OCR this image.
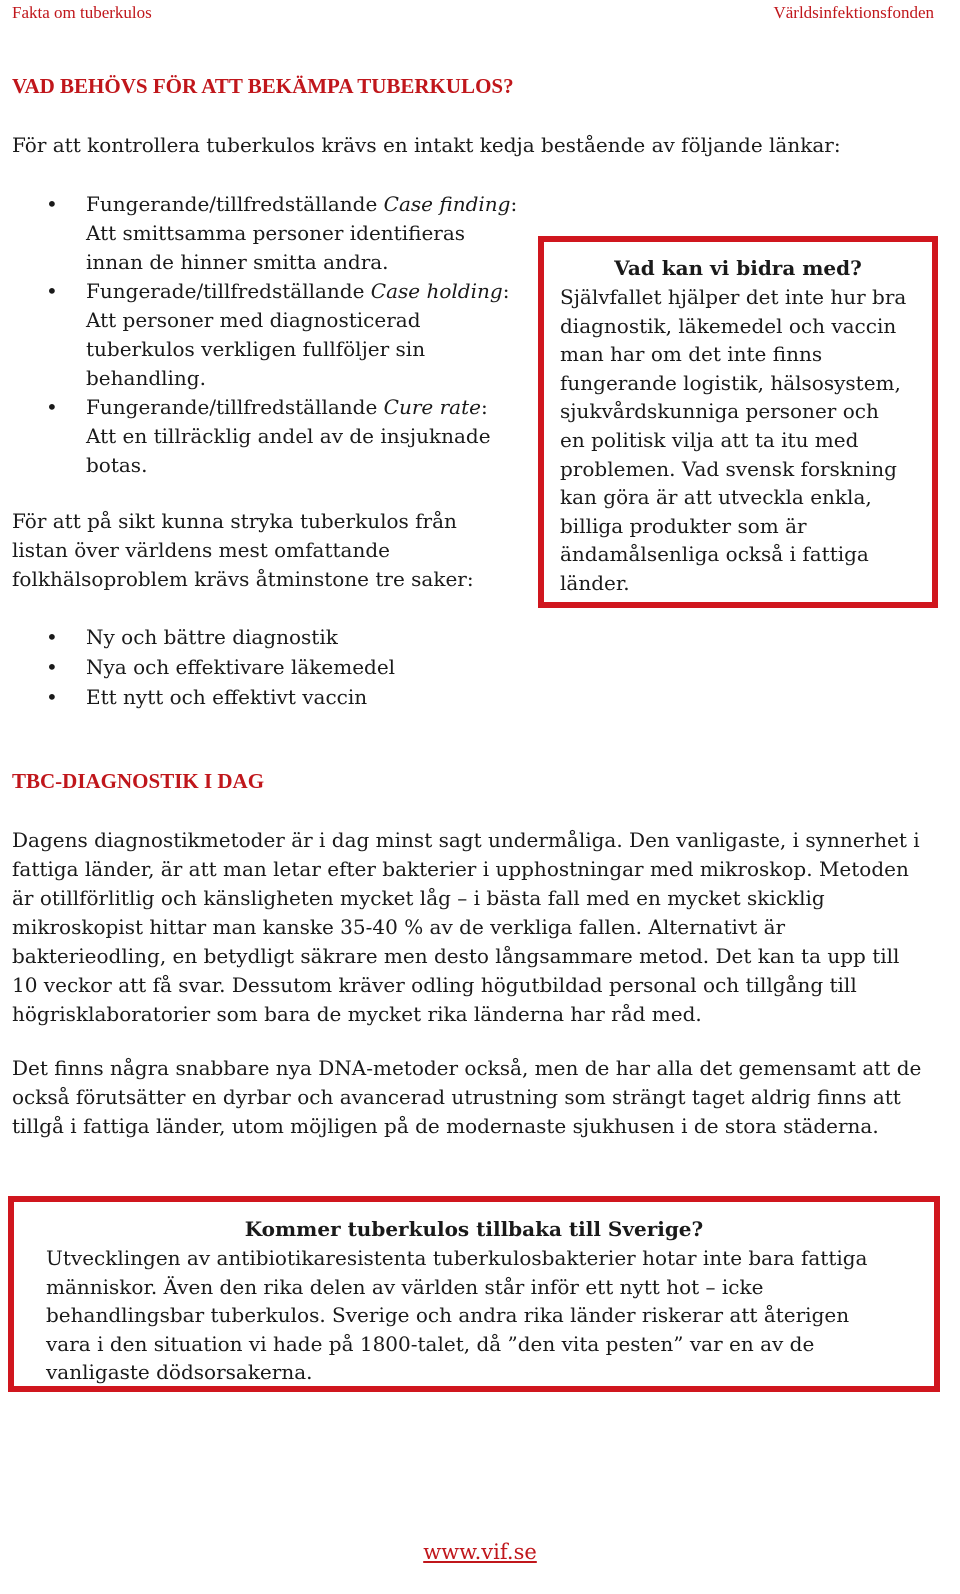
Fakta om tuberkulos	Världsinfektionsfonden
VAD BEHÖVS FÖR ATT BEKÄMPA TUBERKULOS?

För att kontrollera tuberkulos krävs en intakt kedja bestående av följande länkar:

• Fungerande/tillfredställande Case finding:
Att smittsamma personer identifieras
innan de hinner smitta andra.
• Fungerade/tillfredställande Case holding:
Att personer med diagnosticerad
tuberkulos verkligen fullföljer sin
behandling.
• Fungerande/tillfredställande Cure rate:
Att en tillräcklig andel av de insjuknade
botas.

För att på sikt kunna stryka tuberkulos från

listan över världens mest omfattande

folkhälsoproblem krävs åtminstone tre saker:

• Ny och bättre diagnostik
• Nya och effektivare läkemedel
• Ett nytt och effektivt vaccin
Vad kan vi bidra med?
Självfallet hjälper det inte hur bra
diagnostik, läkemedel och vaccin
man har om det inte finns
fungerande logistik, hälsosystem,
sjukvårdskunniga personer och
en politisk vilja att ta itu med
problemen. Vad svensk forskning
kan göra är att utveckla enkla,
billiga produkter som är
ändamålsenliga också i fattiga
länder.
TBC-DIAGNOSTIK I DAG

Dagens diagnostikmetoder är i dag minst sagt undermåliga. Den vanligaste, i synnerhet i

fattiga länder, är att man letar efter bakterier i upphostningar med mikroskop. Metoden

är otillförlitlig och känsligheten mycket låg – i bästa fall med en mycket skicklig

mikroskopist hittar man kanske 35-40 % av de verkliga fallen. Alternativt är

bakterieodling, en betydligt säkrare men desto långsammare metod. Det kan ta upp till

10 veckor att få svar. Dessutom kräver odling högutbildad personal och tillgång till

högrisklaboratorier som bara de mycket rika länderna har råd med.

Det finns några snabbare nya DNA-metoder också, men de har alla det gemensamt att de

också förutsätter en dyrbar och avancerad utrustning som strängt taget aldrig finns att

tillgå i fattiga länder, utom möjligen på de modernaste sjukhusen i de stora städerna.

Kommer tuberkulos tillbaka till Sverige?
Utvecklingen av antibiotikaresistenta tuberkulosbakterier hotar inte bara fattiga
människor. Även den rika delen av världen står inför ett nytt hot – icke
behandlingsbar tuberkulos. Sverige och andra rika länder riskerar att återigen
vara i den situation vi hade på 1800-talet, då ”den vita pesten” var en av de
vanligaste dödsorsakerna.
www.vif.se
